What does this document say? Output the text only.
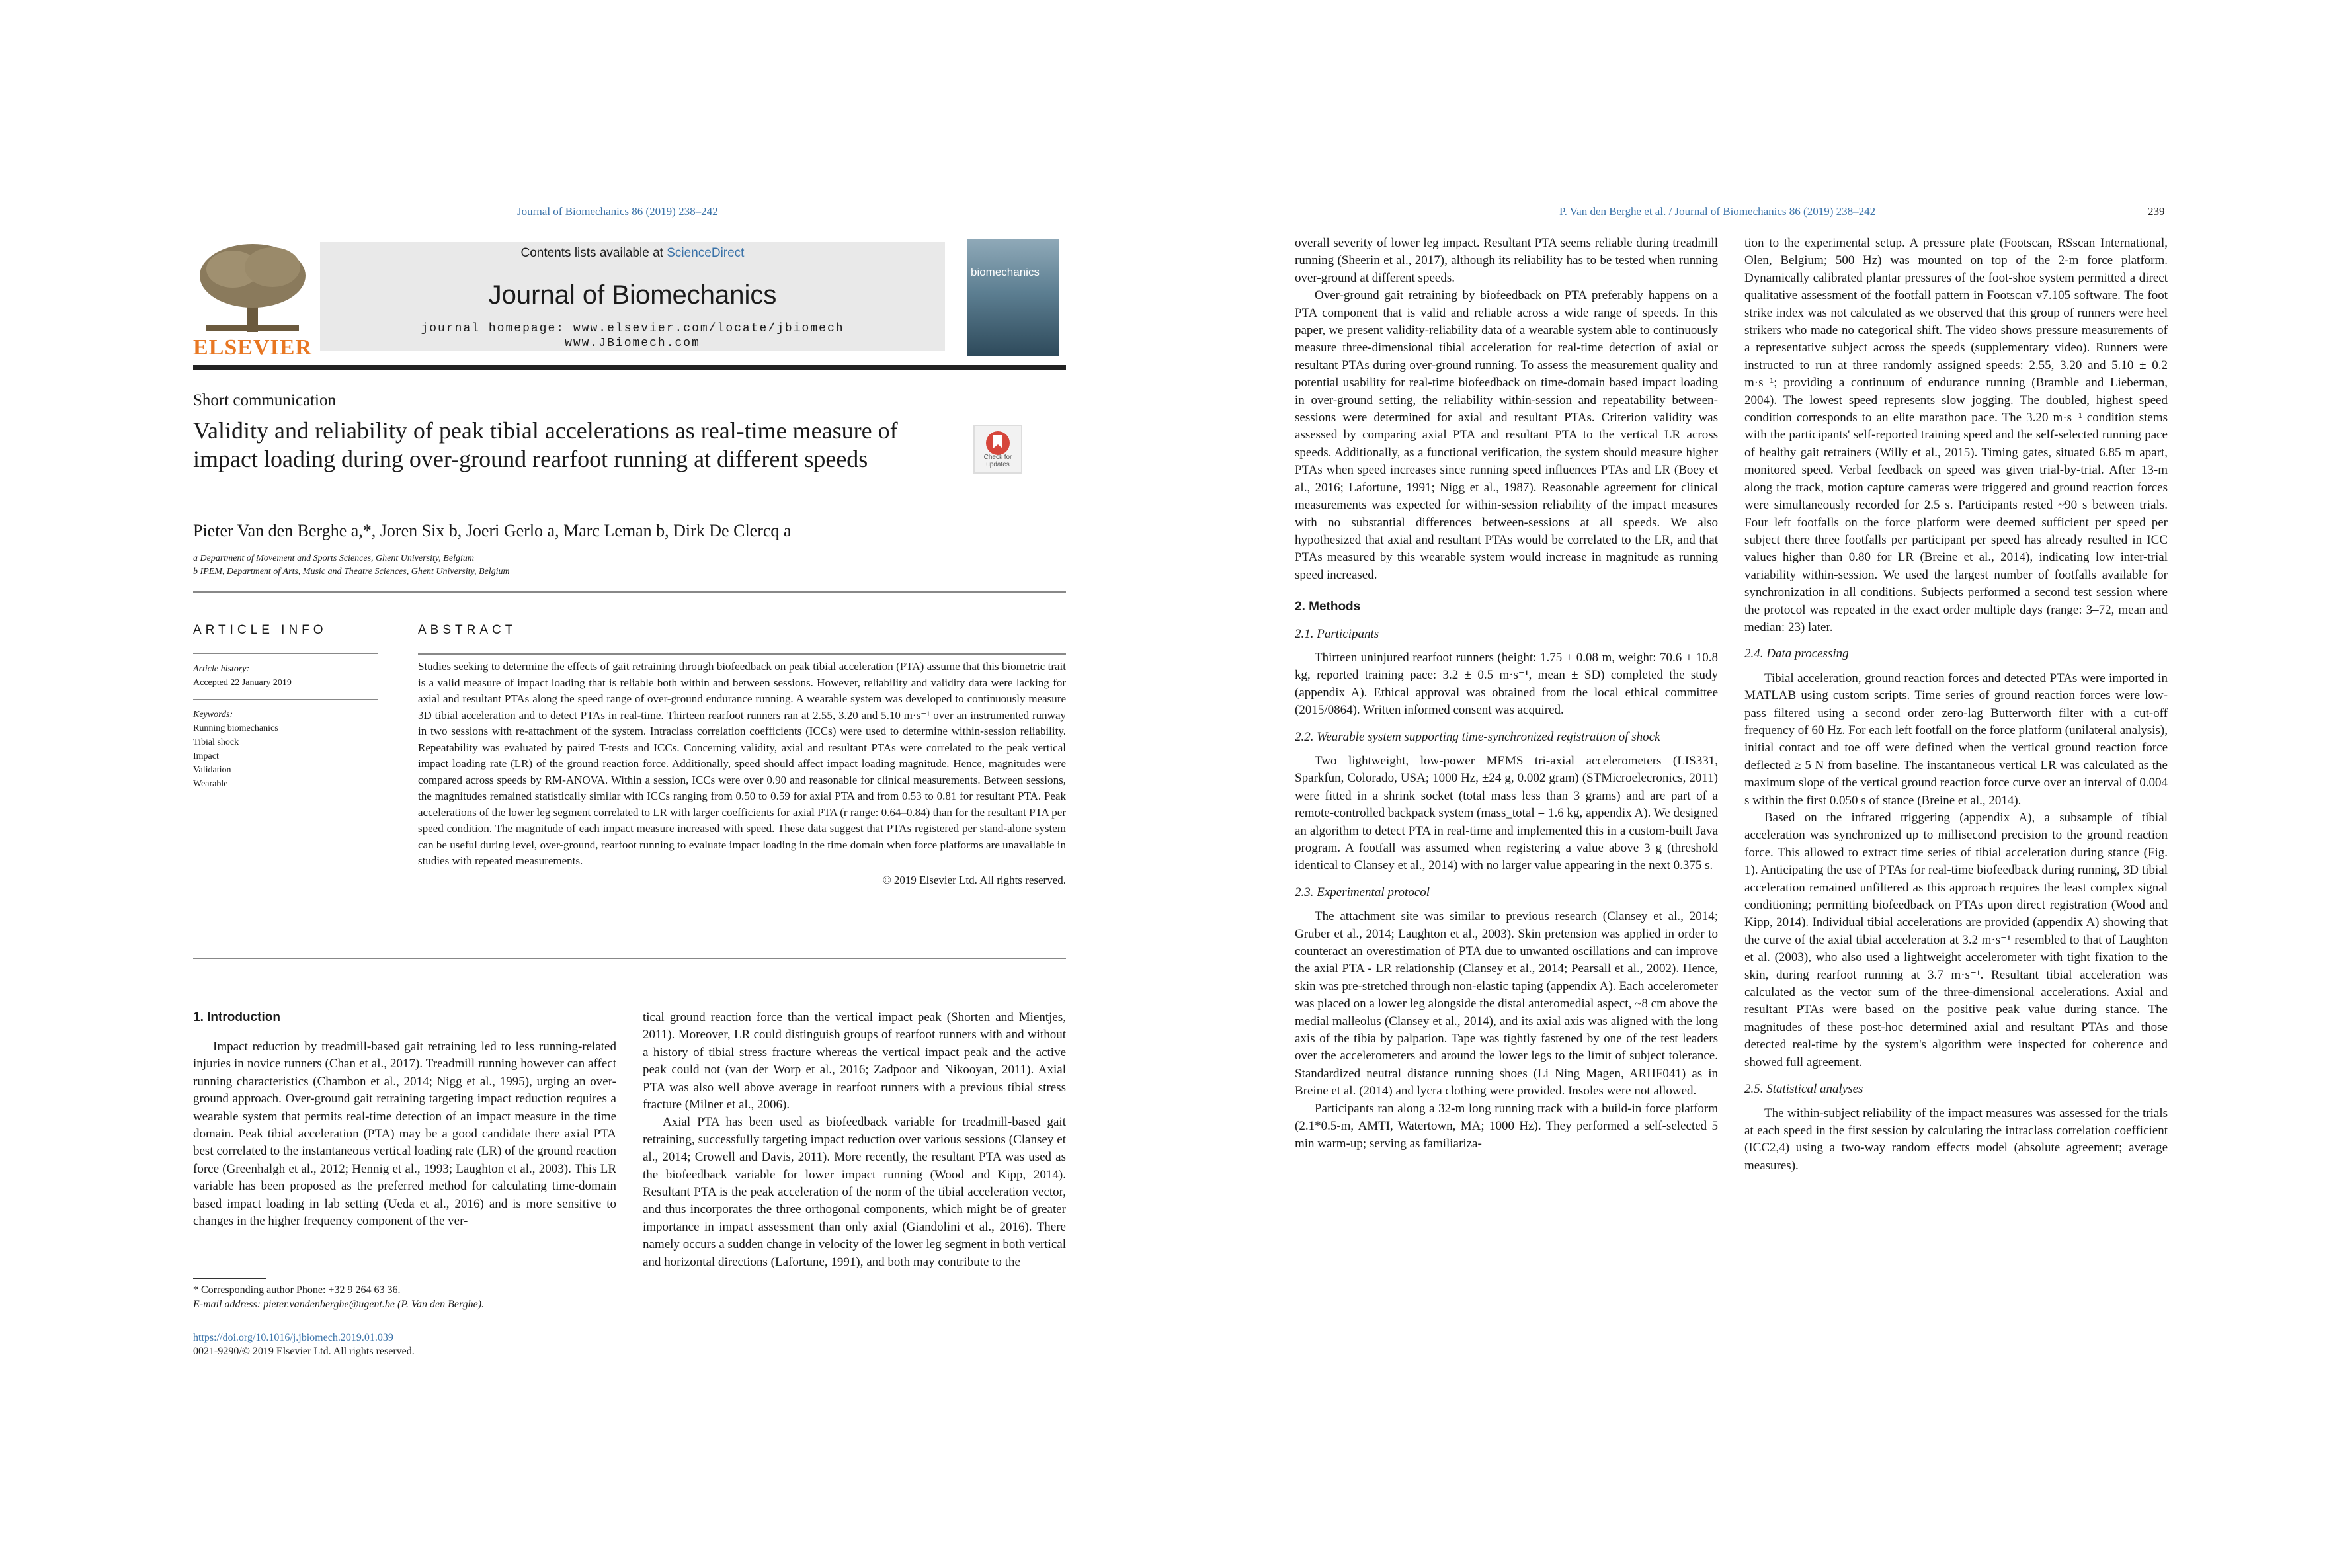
Journal of Biomechanics 86 (2019) 238–242
ELSEVIER
Contents lists available at ScienceDirect
Journal of Biomechanics
journal homepage: www.elsevier.com/locate/jbiomech
www.JBiomech.com
biomechanics
Short communication
Validity and reliability of peak tibial accelerations as real-time measure of impact loading during over-ground rearfoot running at different speeds	Check for updates
Pieter Van den Berghe a,*, Joren Six b, Joeri Gerlo a, Marc Leman b, Dirk De Clercq a
a Department of Movement and Sports Sciences, Ghent University, Belgium
b IPEM, Department of Arts, Music and Theatre Sciences, Ghent University, Belgium
ARTICLE INFO	ABSTRACT
Article history:
Accepted 22 January 2019
Keywords:
Running biomechanics
Tibial shock
Impact
Validation
Wearable
Studies seeking to determine the effects of gait retraining through biofeedback on peak tibial acceleration (PTA) assume that this biometric trait is a valid measure of impact loading that is reliable both within and between sessions. However, reliability and validity data were lacking for axial and resultant PTAs along the speed range of over-ground endurance running. A wearable system was developed to continuously measure 3D tibial acceleration and to detect PTAs in real-time. Thirteen rearfoot runners ran at 2.55, 3.20 and 5.10 m·s⁻¹ over an instrumented runway in two sessions with re-attachment of the system. Intraclass correlation coefficients (ICCs) were used to determine within-session reliability. Repeatability was evaluated by paired T-tests and ICCs. Concerning validity, axial and resultant PTAs were correlated to the peak vertical impact loading rate (LR) of the ground reaction force. Additionally, speed should affect impact loading magnitude. Hence, magnitudes were compared across speeds by RM-ANOVA. Within a session, ICCs were over 0.90 and reasonable for clinical measurements. Between sessions, the magnitudes remained statistically similar with ICCs ranging from 0.50 to 0.59 for axial PTA and from 0.53 to 0.81 for resultant PTA. Peak accelerations of the lower leg segment correlated to LR with larger coefficients for axial PTA (r range: 0.64–0.84) than for the resultant PTA per speed condition. The magnitude of each impact measure increased with speed. These data suggest that PTAs registered per stand-alone system can be useful during level, over-ground, rearfoot running to evaluate impact loading in the time domain when force platforms are unavailable in studies with repeated measurements.
© 2019 Elsevier Ltd. All rights reserved.
1. Introduction

Impact reduction by treadmill-based gait retraining led to less running-related injuries in novice runners (Chan et al., 2017). Treadmill running however can affect running characteristics (Chambon et al., 2014; Nigg et al., 1995), urging an over-ground approach. Over-ground gait retraining targeting impact reduction requires a wearable system that permits real-time detection of an impact measure in the time domain. Peak tibial acceleration (PTA) may be a good candidate there axial PTA best correlated to the instantaneous vertical loading rate (LR) of the ground reaction force (Greenhalgh et al., 2012; Hennig et al., 1993; Laughton et al., 2003). This LR variable has been proposed as the preferred method for calculating time-domain based impact loading in lab setting (Ueda et al., 2016) and is more sensitive to changes in the higher frequency component of the ver-

tical ground reaction force than the vertical impact peak (Shorten and Mientjes, 2011). Moreover, LR could distinguish groups of rearfoot runners with and without a history of tibial stress fracture whereas the vertical impact peak and the active peak could not (van der Worp et al., 2016; Zadpoor and Nikooyan, 2011). Axial PTA was also well above average in rearfoot runners with a previous tibial stress fracture (Milner et al., 2006).

Axial PTA has been used as biofeedback variable for treadmill-based gait retraining, successfully targeting impact reduction over various sessions (Clansey et al., 2014; Crowell and Davis, 2011). More recently, the resultant PTA was used as the biofeedback variable for lower impact running (Wood and Kipp, 2014). Resultant PTA is the peak acceleration of the norm of the tibial acceleration vector, and thus incorporates the three orthogonal components, which might be of greater importance in impact assessment than only axial (Giandolini et al., 2016). There namely occurs a sudden change in velocity of the lower leg segment in both vertical and horizontal directions (Lafortune, 1991), and both may contribute to the

* Corresponding author Phone: +32 9 264 63 36.
E-mail address: pieter.vandenberghe@ugent.be (P. Van den Berghe).
https://doi.org/10.1016/j.jbiomech.2019.01.039
0021-9290/© 2019 Elsevier Ltd. All rights reserved.
P. Van den Berghe et al. / Journal of Biomechanics 86 (2019) 238–242	239

overall severity of lower leg impact. Resultant PTA seems reliable during treadmill running (Sheerin et al., 2017), although its reliability has to be tested when running over-ground at different speeds.

Over-ground gait retraining by biofeedback on PTA preferably happens on a PTA component that is valid and reliable across a wide range of speeds. In this paper, we present validity-reliability data of a wearable system able to continuously measure three-dimensional tibial acceleration for real-time detection of axial or resultant PTAs during over-ground running. To assess the measurement quality and potential usability for real-time biofeedback on time-domain based impact loading in over-ground setting, the reliability within-session and repeatability between-sessions were determined for axial and resultant PTAs. Criterion validity was assessed by comparing axial PTA and resultant PTA to the vertical LR across speeds. Additionally, as a functional verification, the system should measure higher PTAs when speed increases since running speed influences PTAs and LR (Boey et al., 2016; Lafortune, 1991; Nigg et al., 1987). Reasonable agreement for clinical measurements was expected for within-session reliability of the impact measures with no substantial differences between-sessions at all speeds. We also hypothesized that axial and resultant PTAs would be correlated to the LR, and that PTAs measured by this wearable system would increase in magnitude as running speed increased.

2. Methods
2.1. Participants

Thirteen uninjured rearfoot runners (height: 1.75 ± 0.08 m, weight: 70.6 ± 10.8 kg, reported training pace: 3.2 ± 0.5 m·s⁻¹, mean ± SD) completed the study (appendix A). Ethical approval was obtained from the local ethical committee (2015/0864). Written informed consent was acquired.

2.2. Wearable system supporting time-synchronized registration of shock

Two lightweight, low-power MEMS tri-axial accelerometers (LIS331, Sparkfun, Colorado, USA; 1000 Hz, ±24 g, 0.002 gram) (STMicroelecronics, 2011) were fitted in a shrink socket (total mass less than 3 grams) and are part of a remote-controlled backpack system (mass_total = 1.6 kg, appendix A). We designed an algorithm to detect PTA in real-time and implemented this in a custom-built Java program. A footfall was assumed when registering a value above 3 g (threshold identical to Clansey et al., 2014) with no larger value appearing in the next 0.375 s.

2.3. Experimental protocol

The attachment site was similar to previous research (Clansey et al., 2014; Gruber et al., 2014; Laughton et al., 2003). Skin pretension was applied in order to counteract an overestimation of PTA due to unwanted oscillations and can improve the axial PTA - LR relationship (Clansey et al., 2014; Pearsall et al., 2002). Hence, skin was pre-stretched through non-elastic taping (appendix A). Each accelerometer was placed on a lower leg alongside the distal anteromedial aspect, ~8 cm above the medial malleolus (Clansey et al., 2014), and its axial axis was aligned with the long axis of the tibia by palpation. Tape was tightly fastened by one of the test leaders over the accelerometers and around the lower legs to the limit of subject tolerance. Standardized neutral distance running shoes (Li Ning Magen, ARHF041) as in Breine et al. (2014) and lycra clothing were provided. Insoles were not allowed.

Participants ran along a 32-m long running track with a build-in force platform (2.1*0.5-m, AMTI, Watertown, MA; 1000 Hz). They performed a self-selected 5 min warm-up; serving as familiariza-

tion to the experimental setup. A pressure plate (Footscan, RSscan International, Olen, Belgium; 500 Hz) was mounted on top of the 2-m force platform. Dynamically calibrated plantar pressures of the foot-shoe system permitted a direct qualitative assessment of the footfall pattern in Footscan v7.105 software. The foot strike index was not calculated as we observed that this group of runners were heel strikers who made no categorical shift. The video shows pressure measurements of a representative subject across the speeds (supplementary video). Runners were instructed to run at three randomly assigned speeds: 2.55, 3.20 and 5.10 ± 0.2 m·s⁻¹; providing a continuum of endurance running (Bramble and Lieberman, 2004). The lowest speed represents slow jogging. The doubled, highest speed condition corresponds to an elite marathon pace. The 3.20 m·s⁻¹ condition stems with the participants' self-reported training speed and the self-selected running pace of healthy gait retrainers (Willy et al., 2015). Timing gates, situated 6.85 m apart, monitored speed. Verbal feedback on speed was given trial-by-trial. After 13-m along the track, motion capture cameras were triggered and ground reaction forces were simultaneously recorded for 2.5 s. Participants rested ~90 s between trials. Four left footfalls on the force platform were deemed sufficient per speed per subject there three footfalls per participant per speed has already resulted in ICC values higher than 0.80 for LR (Breine et al., 2014), indicating low inter-trial variability within-session. We used the largest number of footfalls available for synchronization in all conditions. Subjects performed a second test session where the protocol was repeated in the exact order multiple days (range: 3–72, mean and median: 23) later.

2.4. Data processing

Tibial acceleration, ground reaction forces and detected PTAs were imported in MATLAB using custom scripts. Time series of ground reaction forces were low-pass filtered using a second order zero-lag Butterworth filter with a cut-off frequency of 60 Hz. For each left footfall on the force platform (unilateral analysis), initial contact and toe off were defined when the vertical ground reaction force deflected ≥ 5 N from baseline. The instantaneous vertical LR was calculated as the maximum slope of the vertical ground reaction force curve over an interval of 0.004 s within the first 0.050 s of stance (Breine et al., 2014).

Based on the infrared triggering (appendix A), a subsample of tibial acceleration was synchronized up to millisecond precision to the ground reaction force. This allowed to extract time series of tibial acceleration during stance (Fig. 1). Anticipating the use of PTAs for real-time biofeedback during running, 3D tibial acceleration remained unfiltered as this approach requires the least complex signal conditioning; permitting biofeedback on PTAs upon direct registration (Wood and Kipp, 2014). Individual tibial accelerations are provided (appendix A) showing that the curve of the axial tibial acceleration at 3.2 m·s⁻¹ resembled to that of Laughton et al. (2003), who also used a lightweight accelerometer with tight fixation to the skin, during rearfoot running at 3.7 m·s⁻¹. Resultant tibial acceleration was calculated as the vector sum of the three-dimensional accelerations. Axial and resultant PTAs were based on the positive peak value during stance. The magnitudes of these post-hoc determined axial and resultant PTAs and those detected real-time by the system's algorithm were inspected for coherence and showed full agreement.

2.5. Statistical analyses

The within-subject reliability of the impact measures was assessed for the trials at each speed in the first session by calculating the intraclass correlation coefficient (ICC2,4) using a two-way random effects model (absolute agreement; average measures).
